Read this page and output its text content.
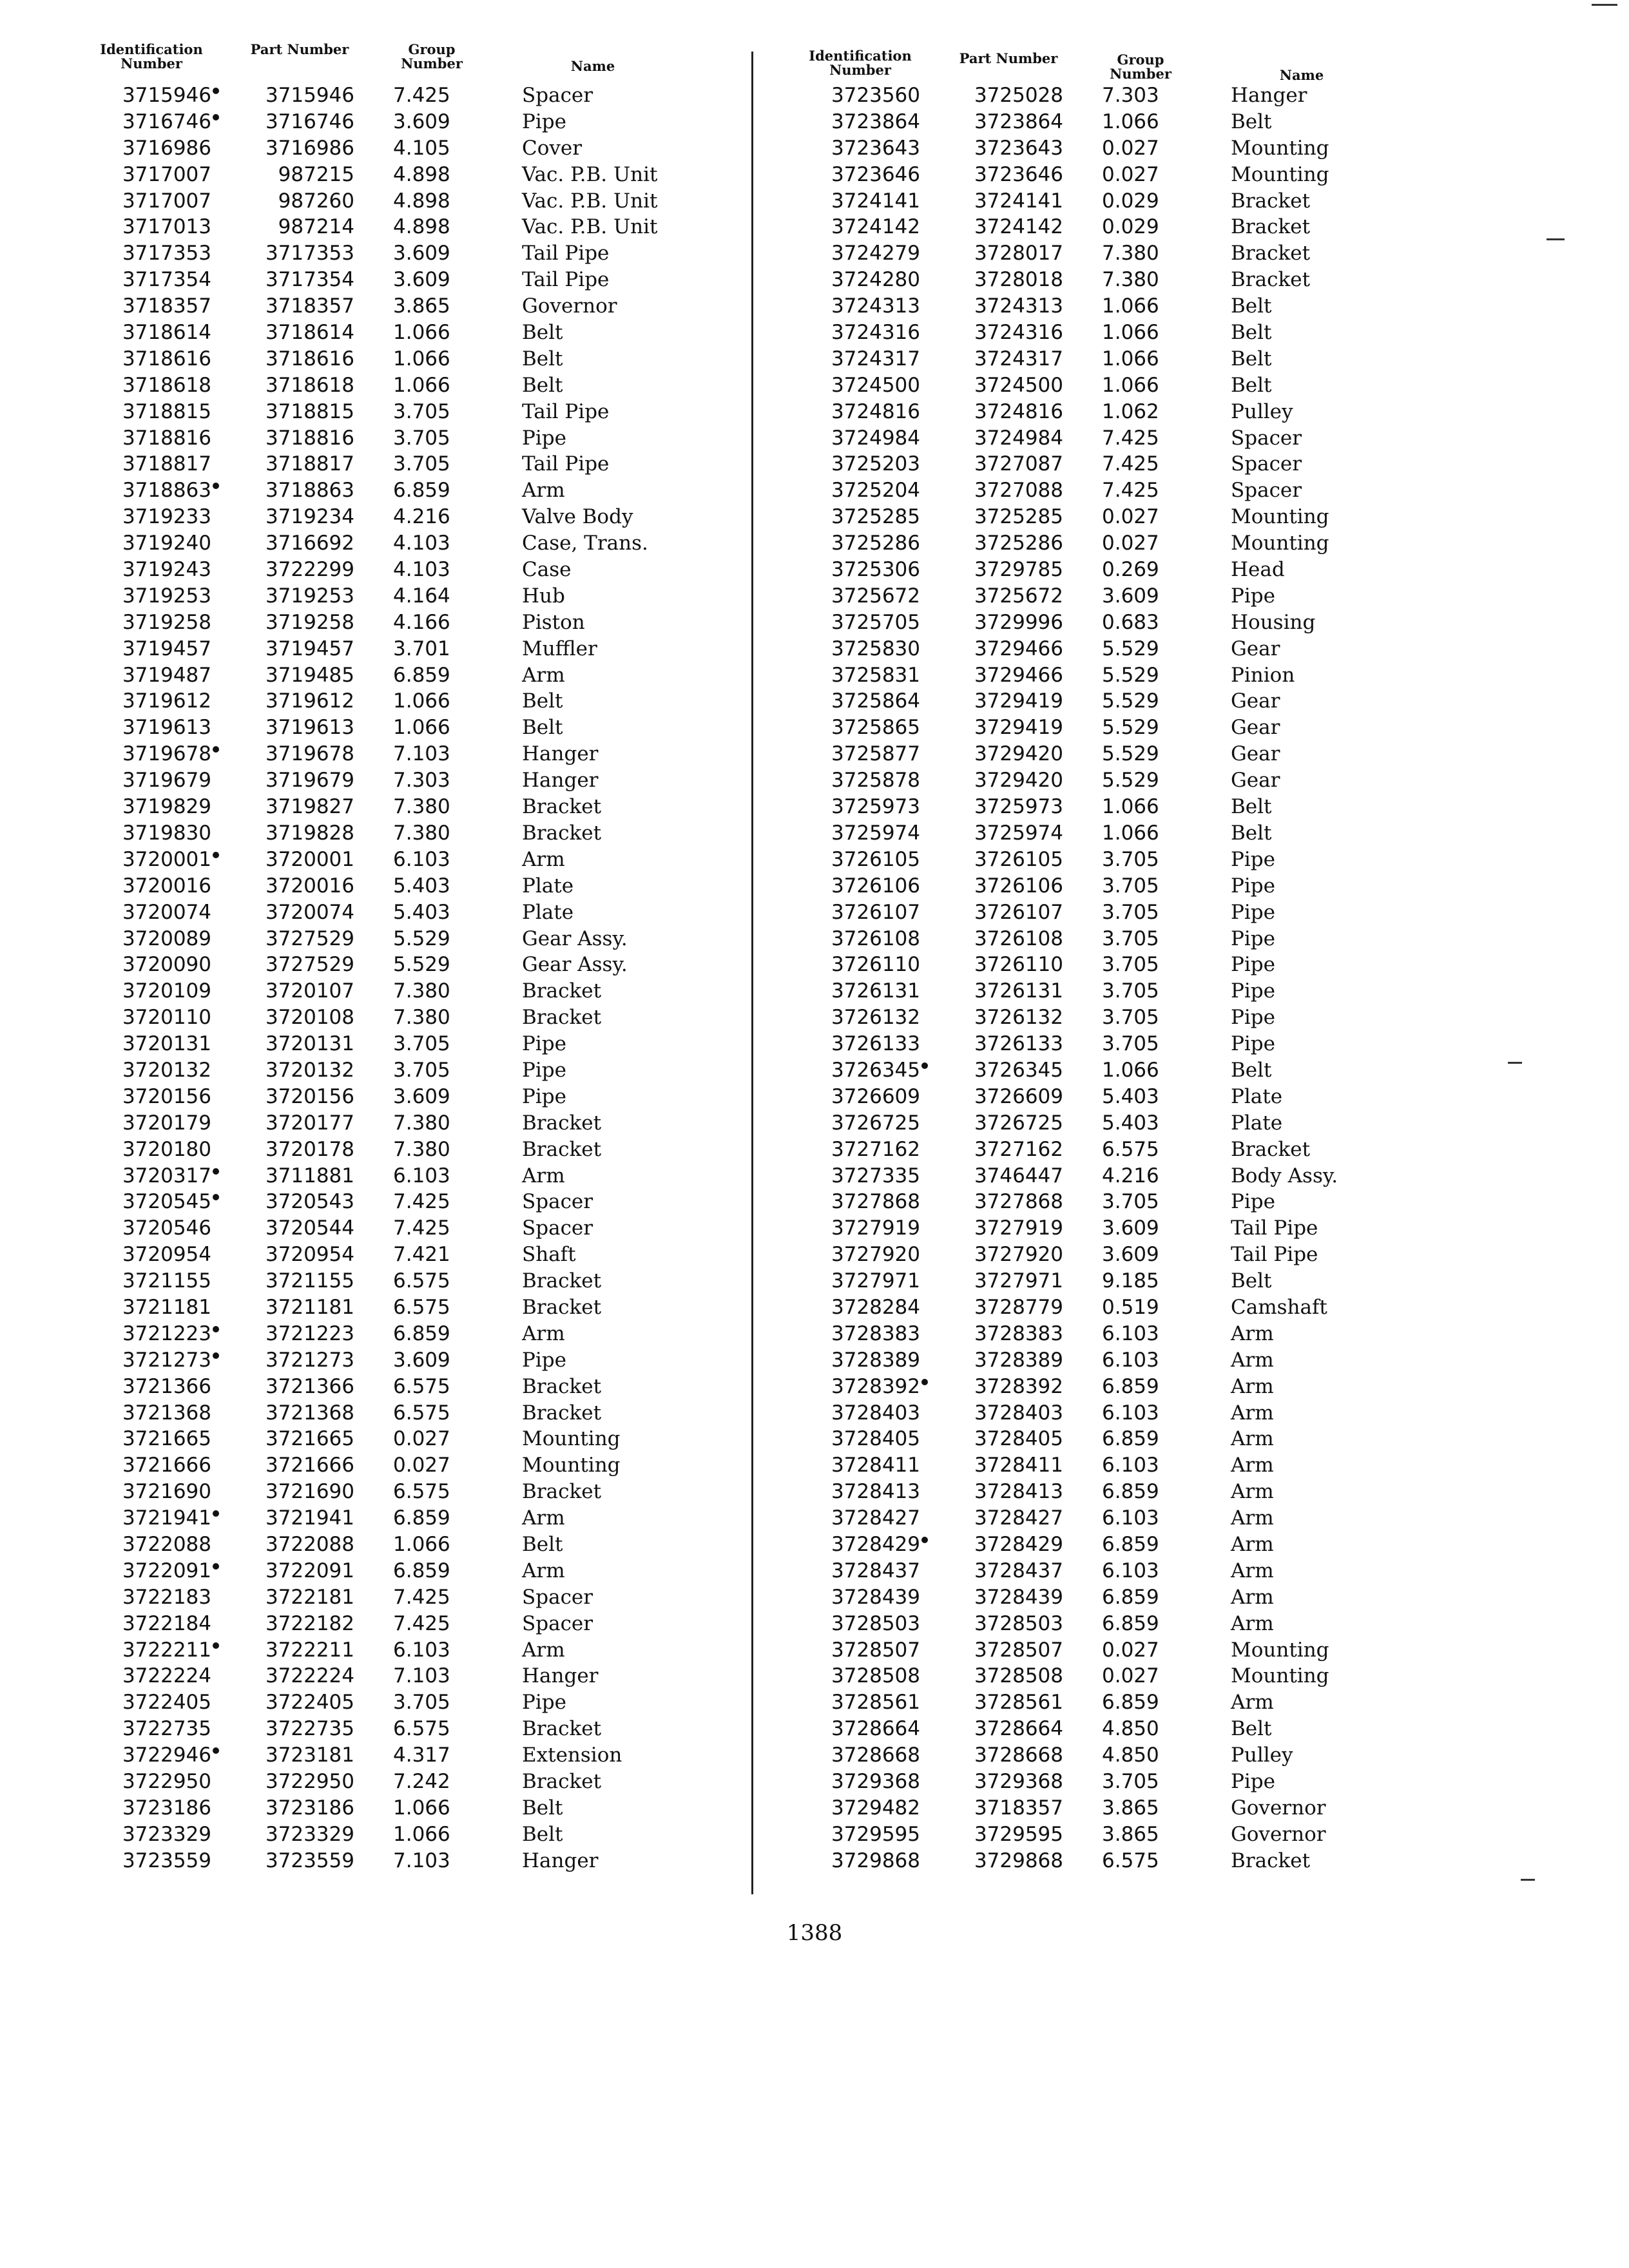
Identification Number
Part Number	Group Number	Name
3715946	3715946 7.425	Spacer
3716746	3716746 3.609	Pipe
3716986	3716986 4.105	Cover
3717007	987215 4.898	Vac. P.B. Unit
3717007	987260 4.898	Vac. P.B. Unit
3717013	987214 4.898	Vac. P.B. Unit
3717353	3717353 3.609	Tail Pipe
3717354	3717354 3.609	Tail Pipe
3718357	3718357 3.865	Governor
3718614	3718614 1.066	Belt
3718616	3718616 1.066	Belt
3718618	3718618 1.066	Belt
3718815	3718815 3.705	Tail Pipe
3718816	3718816 3.705	Pipe
3718817	3718817 3.705	Tail Pipe
3718863	3718863 6.859	Arm
3719233	3719234 4.216	Valve Body
3719240	3716692 4.103	Case, Trans.
3719243	3722299 4.103	Case
3719253	3719253 4.164	Hub
3719258	3719258 4.166	Piston
3719457	3719457 3.701	Muffler
3719487	3719485 6.859	Arm
3719612	3719612 1.066	Belt
3719613	3719613 1.066	Belt
3719678	3719678 7.103	Hanger
3719679	3719679 7.303	Hanger
3719829	3719827 7.380	Bracket
3719830	3719828 7.380	Bracket
3720001	3720001 6.103	Arm
3720016	3720016 5.403	Plate
3720074	3720074 5.403	Plate
3720089	3727529 5.529	Gear Assy.
3720090	3727529 5.529	Gear Assy.
3720109	3720107 7.380	Bracket
3720110	3720108 7.380	Bracket
3720131	3720131 3.705	Pipe
3720132	3720132 3.705	Pipe
3720156	3720156 3.609	Pipe
3720179	3720177 7.380	Bracket
3720180	3720178 7.380	Bracket
3720317	3711881 6.103	Arm
3720545	3720543 7.425	Spacer
3720546	3720544 7.425	Spacer
3720954	3720954 7.421	Shaft
3721155	3721155 6.575	Bracket
3721181	3721181 6.575	Bracket
3721223	3721223 6.859	Arm
3721273	3721273 3.609	Pipe
3721366	3721366 6.575	Bracket
3721368	3721368 6.575	Bracket
3721665	3721665 0.027	Mounting
3721666	3721666 0.027	Mounting
3721690	3721690 6.575	Bracket
3721941	3721941 6.859	Arm
3722088	3722088 1.066	Belt
3722091	3722091 6.859	Arm
3722183	3722181 7.425	Spacer
3722184	3722182 7.425	Spacer
3722211	3722211 6.103	Arm
3722224	3722224 7.103	Hanger
3722405	3722405 3.705	Pipe
3722735	3722735 6.575	Bracket
3722946	3723181 4.317	Extension
3722950	3722950 7.242	Bracket
3723186	3723186 1.066	Belt
3723329	3723329 1.066	Belt
3723559	3723559 7.103	Hanger
Identification Number
Part Number	Group Number	Name
3723560	3725028 7.303	Hanger
3723864	3723864 1.066	Belt
3723643	3723643 0.027	Mounting
3723646	3723646 0.027	Mounting
3724141	3724141 0.029	Bracket
3724142	3724142 0.029	Bracket
3724279	3728017 7.380	Bracket
3724280	3728018 7.380	Bracket
3724313	3724313 1.066	Belt
3724316	3724316 1.066	Belt
3724317	3724317 1.066	Belt
3724500	3724500 1.066	Belt
3724816	3724816 1.062	Pulley
3724984	3724984 7.425	Spacer
3725203	3727087 7.425	Spacer
3725204	3727088 7.425	Spacer
3725285	3725285 0.027	Mounting
3725286	3725286 0.027	Mounting
3725306	3729785 0.269	Head
3725672	3725672 3.609	Pipe
3725705	3729996 0.683	Housing
3725830	3729466 5.529	Gear
3725831	3729466 5.529	Pinion
3725864	3729419 5.529	Gear
3725865	3729419 5.529	Gear
3725877	3729420 5.529	Gear
3725878	3729420 5.529	Gear
3725973	3725973 1.066	Belt
3725974	3725974 1.066	Belt
3726105	3726105 3.705	Pipe
3726106	3726106 3.705	Pipe
3726107	3726107 3.705	Pipe
3726108	3726108 3.705	Pipe
3726110	3726110 3.705	Pipe
3726131	3726131 3.705	Pipe
3726132	3726132 3.705	Pipe
3726133	3726133 3.705	Pipe
3726345	3726345 1.066	Belt
3726609	3726609 5.403	Plate
3726725	3726725 5.403	Plate
3727162	3727162 6.575	Bracket
3727335	3746447 4.216	Body Assy.
3727868	3727868 3.705	Pipe
3727919	3727919 3.609	Tail Pipe
3727920	3727920 3.609	Tail Pipe
3727971	3727971 9.185	Belt
3728284	3728779 0.519	Camshaft
3728383	3728383 6.103	Arm
3728389	3728389 6.103	Arm
3728392	3728392 6.859	Arm
3728403	3728403 6.103	Arm
3728405	3728405 6.859	Arm
3728411	3728411 6.103	Arm
3728413	3728413 6.859	Arm
3728427	3728427 6.103	Arm
3728429	3728429 6.859	Arm
3728437	3728437 6.103	Arm
3728439	3728439 6.859	Arm
3728503	3728503 6.859	Arm
3728507	3728507 0.027	Mounting
3728508	3728508 0.027	Mounting
3728561	3728561 6.859	Arm
3728664	3728664 4.850	Belt
3728668	3728668 4.850	Pulley
3729368	3729368 3.705	Pipe
3729482	3718357 3.865	Governor
3729595	3729595 3.865	Governor
3729868	3729868 6.575	Bracket
1388
